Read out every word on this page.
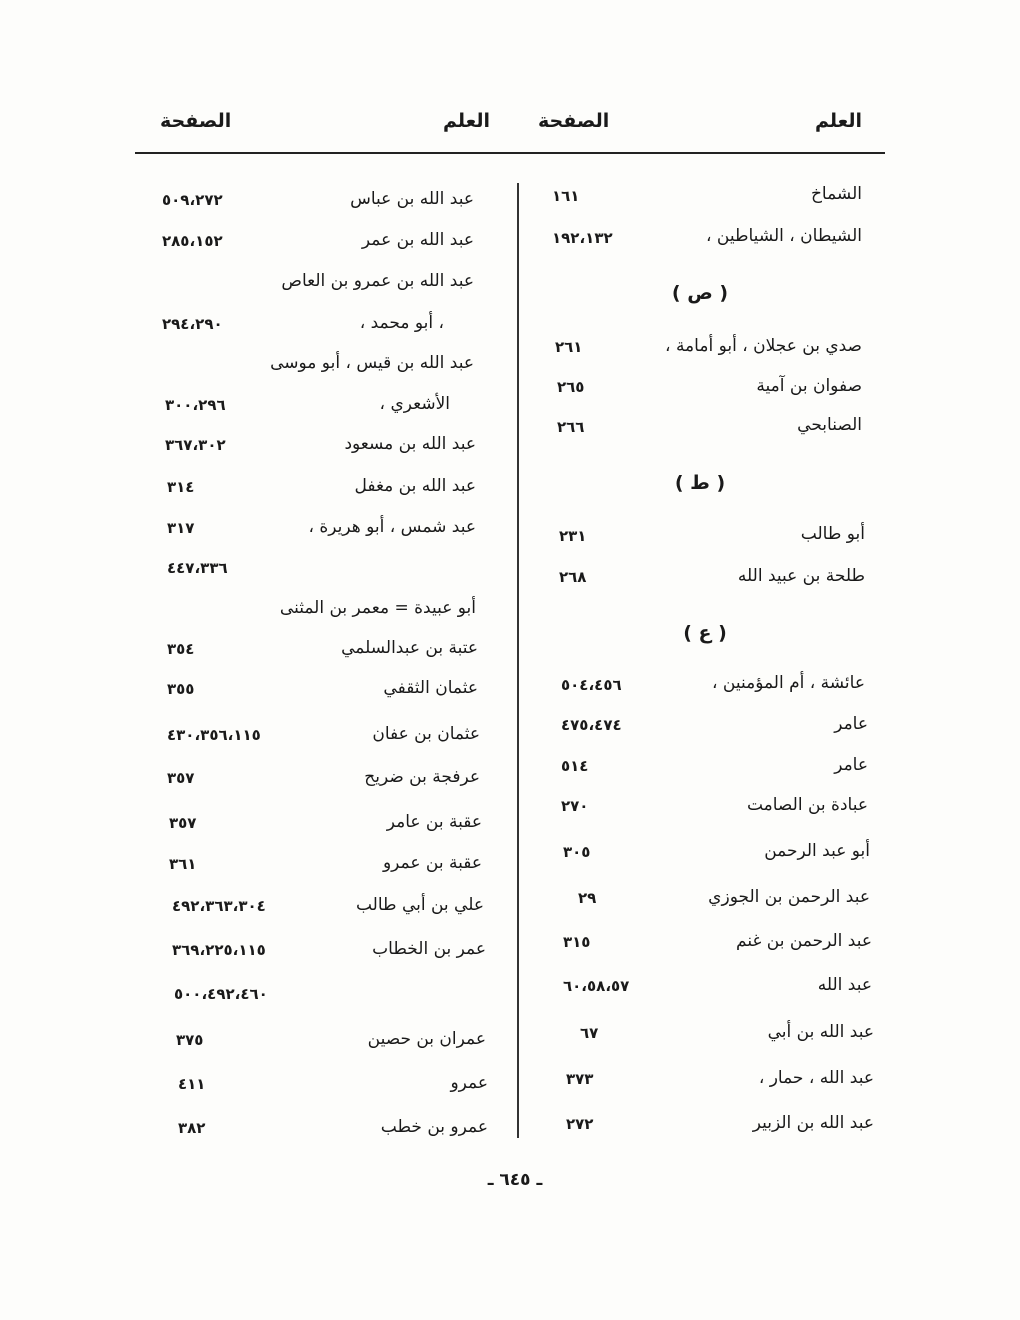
العلم
الصفحة
العلم
الصفحة
الشماخ
١٦١
الشيطان ، الشياطين ،
١٩٢،١٣٢
( ص )
صدي بن عجلان ، أبو أمامة ،
٢٦١
صفوان بن آمية
٢٦٥
الصنابحي
٢٦٦
( ط )
أبو طالب
٢٣١
طلحة بن عبيد الله
٢٦٨
( ع )
عائشة ، أم المؤمنين ،
٥٠٤،٤٥٦
عامر
٤٧٥،٤٧٤
عامر
٥١٤
عبادة بن الصامت
٢٧٠
أبو عبد الرحمن
٣٠٥
عبد الرحمن بن الجوزي
٢٩
عبد الرحمن بن غنم
٣١٥
عبد الله
٦٠،٥٨،٥٧
عبد الله بن أبي
٦٧
عبد الله ، حمار ،
٣٧٣
عبد الله بن الزبير
٢٧٢
عبد الله بن عباس
٥٠٩،٢٧٢
عبد الله بن عمر
٢٨٥،١٥٢
عبد الله بن عمرو بن العاص
، أبو محمد ،
٢٩٤،٢٩٠
عبد الله بن قيس ، أبو موسى
الأشعري ،
٣٠٠،٢٩٦
عبد الله بن مسعود
٣٦٧،٣٠٢
عبد الله بن مغفل
٣١٤
عبد شمس ، أبو هريرة ،
٣١٧
٤٤٧،٣٣٦
أبو عبيدة = معمر بن المثنى
عتبة بن عبدالسلمي
٣٥٤
عثمان الثقفي
٣٥٥
عثمان بن عفان
٤٣٠،٣٥٦،١١٥
عرفجة بن ضريح
٣٥٧
عقبة بن عامر
٣٥٧
عقبة بن عمرو
٣٦١
علي بن أبي طالب
٤٩٢،٣٦٣،٣٠٤
عمر بن الخطاب
٣٦٩،٢٢٥،١١٥
٥٠٠،٤٩٢،٤٦٠
عمران بن حصين
٣٧٥
عمرو
٤١١
عمرو بن خطب
٣٨٢
ـ ٦٤٥ ـ
